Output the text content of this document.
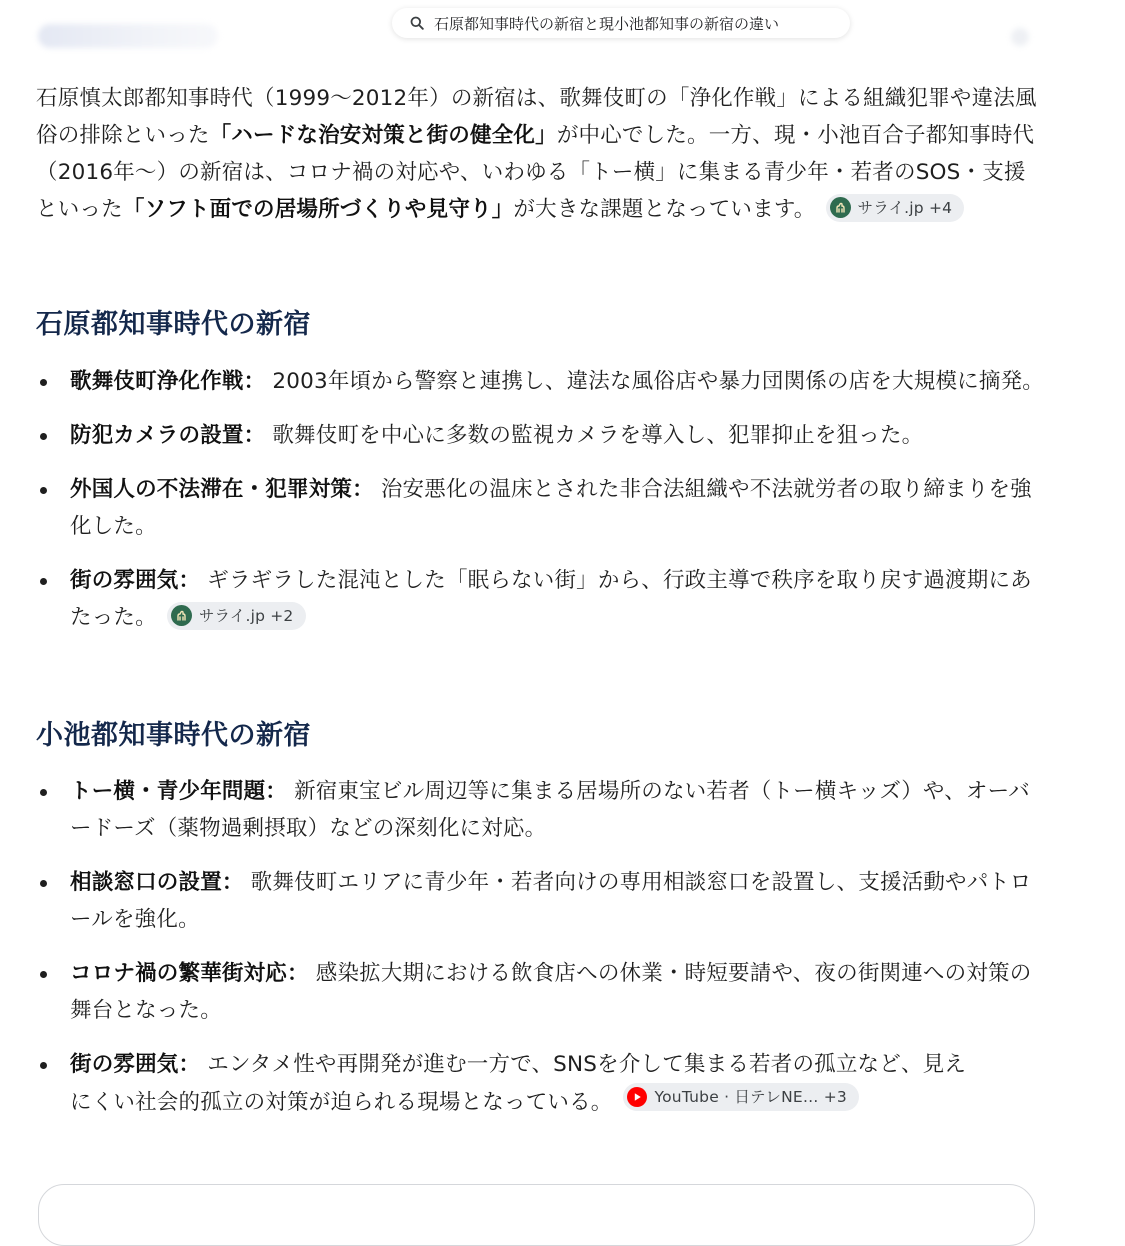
石原都知事時代の新宿と現小池都知事の新宿の違い

石原慎太郎都知事時代（1999〜2012年）の新宿は、歌舞伎町の「浄化作戦」による組織犯罪や違法風俗の排除といった「ハードな治安対策と街の健全化」が中心でした。一方、現・小池百合子都知事時代（2016年〜）の新宿は、コロナ禍の対応や、いわゆる「トー横」に集まる青少年・若者のSOS・支援といった「ソフト面での居場所づくりや見守り」が大きな課題となっています。	サライ.jp +4

石原都知事時代の新宿
歌舞伎町浄化作戦： 2003年頃から警察と連携し、違法な風俗店や暴力団関係の店を大規模に摘発。
防犯カメラの設置： 歌舞伎町を中心に多数の監視カメラを導入し、犯罪抑止を狙った。
外国人の不法滞在・犯罪対策： 治安悪化の温床とされた非合法組織や不法就労者の取り締まりを強化した。
街の雰囲気： ギラギラした混沌とした「眠らない街」から、行政主導で秩序を取り戻す過渡期にあたった。	サライ.jp +2
小池都知事時代の新宿
トー横・青少年問題： 新宿東宝ビル周辺等に集まる居場所のない若者（トー横キッズ）や、オーバードーズ（薬物過剰摂取）などの深刻化に対応。
相談窓口の設置： 歌舞伎町エリアに青少年・若者向けの専用相談窓口を設置し、支援活動やパトロールを強化。
コロナ禍の繁華街対応： 感染拡大期における飲食店への休業・時短要請や、夜の街関連への対策の舞台となった。
街の雰囲気： エンタメ性や再開発が進む一方で、SNSを介して集まる若者の孤立など、見えにくい社会的孤立の対策が迫られる現場となっている。	YouTube · 日テレNE… +3
